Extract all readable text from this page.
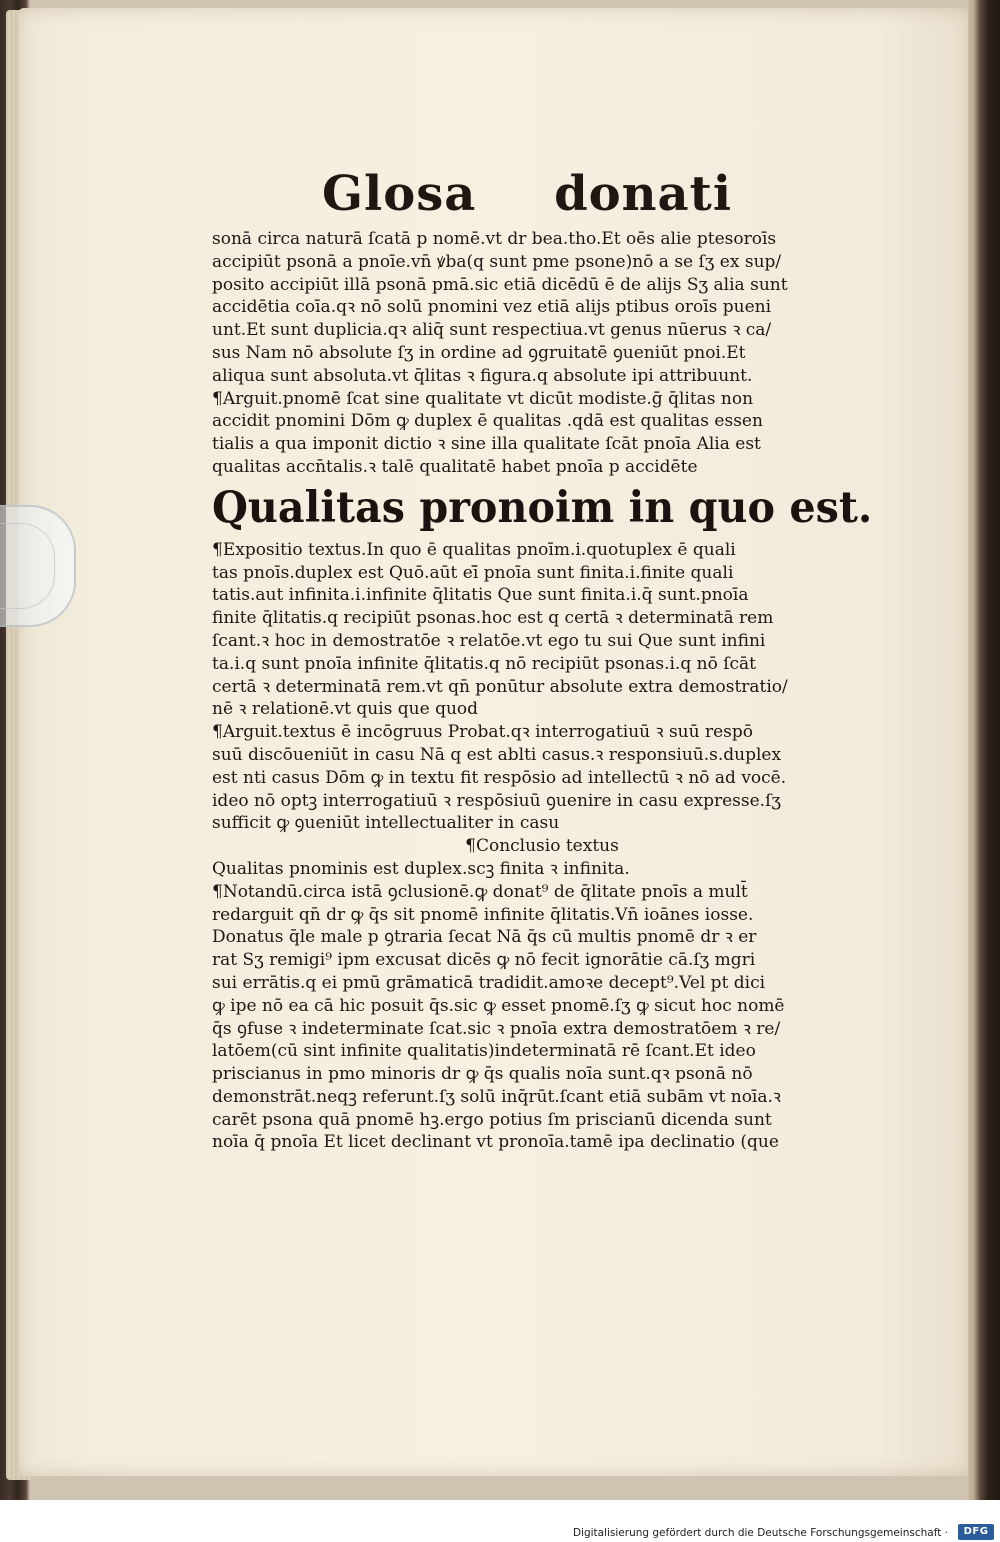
Glosa donati
sonā circa naturā ſcatā p nomē.vt dr bea.tho.Et oēs alie ptesoroīs
accipiūt psonā a pnoīe.vn̄ ꝟba(q sunt pme psone)nō a se ſʒ ex sup/
posito accipiūt illā psonā pmā.sic etiā dicēdū ē de alijs Sʒ alia sunt
accidētia coīa.qꝛ nō solū pnomini vez etiā alijs ptibus oroīs pueni
unt.Et sunt duplicia.qꝛ aliq̄ sunt respectiua.vt genus nūerus ꝛ ca/
sus Nam nō absolute ſʒ in ordine ad ꝯgruitatē ꝯueniūt pnoi.Et
aliqua sunt absoluta.vt q̄litas ꝛ figura.q absolute ipi attribuunt.
¶Arguit.pnomē ſcat sine qualitate vt dicūt modiste.ḡ q̄litas non
accidit pnomini Dōm ꝙ duplex ē qualitas .qdā est qualitas essen
tialis a qua imponit dictio ꝛ sine illa qualitate ſcāt pnoīa Alia est
qualitas accn̄talis.ꝛ talē qualitatē habet pnoīa p accidēte
Qualitas pronoim in quo est.
¶Expositio textus.In quo ē qualitas pnoīm.i.quotuplex ē quali
tas pnoīs.duplex est Quō.aūt eī̄ pnoīa sunt finita.i.finite quali
tatis.aut infinita.i.infinite q̄litatis Que sunt finita.i.q̄ sunt.pnoīa
finite q̄litatis.q recipiūt psonas.hoc est q certā ꝛ determinatā rem
ſcant.ꝛ hoc in demostratōe ꝛ relatōe.vt ego tu sui Que sunt infini
ta.i.q sunt pnoīa infinite q̄litatis.q nō recipiūt psonas.i.q nō ſcāt
certā ꝛ determinatā rem.vt qn̄ ponūtur absolute extra demostratio/
nē ꝛ relationē.vt quis que quod
¶Arguit.textus ē incōgruus Probat.qꝛ interrogatiuū ꝛ suū respō
suū discōueniūt in casu Nā q est ablti casus.ꝛ responsiuū.s.duplex
est nti casus Dōm ꝙ in textu fit respōsio ad intellectū ꝛ nō ad vocē.
ideo nō optꝫ interrogatiuū ꝛ respōsiuū ꝯuenire in casu expresse.ſʒ
sufficit ꝙ ꝯueniūt intellectualiter in casu
¶Conclusio textus
Qualitas pnominis est duplex.scꝫ finita ꝛ infinita.
¶Notandū.circa istā ꝯclusionē.ꝙ donat⁹ de q̄litate pnoīs a mult̄
redarguit qn̄ dr ꝙ q̄s sit pnomē infinite q̄litatis.Vn̄ ioānes iosse.
Donatus q̄le male p ꝯtraria ſecat Nā q̄s cū multis pnomē dr ꝛ er
rat Sʒ remigi⁹ ipm excusat dicēs ꝙ nō fecit ignorātie cā.ſʒ mgri
sui errātis.q ei pmū grāmaticā tradidit.amoꝛe decept⁹.Vel pt dici
ꝙ ipe nō ea cā hic posuit q̄s.sic ꝙ esset pnomē.ſʒ ꝙ sicut hoc nomē
q̄s ꝯfuse ꝛ indeterminate ſcat.sic ꝛ pnoīa extra demostratōem ꝛ re/
latōem(cū sint infinite qualitatis)indeterminatā rē ſcant.Et ideo
priscianus in pmo minoris dr ꝙ q̄s qualis noīa sunt.qꝛ psonā nō
demonstrāt.neqꝫ referunt.ſʒ solū inq̄rūt.ſcant etiā subām vt noīa.ꝛ
carēt psona quā pnomē hꝫ.ergo potius ſm priscianū dicenda sunt
noīa q̄ pnoīa Et licet declinant vt pronoīa.tamē ipa declinatio (que
Digitalisierung gefördert durch die Deutsche Forschungsgemeinschaft ·	DFG
